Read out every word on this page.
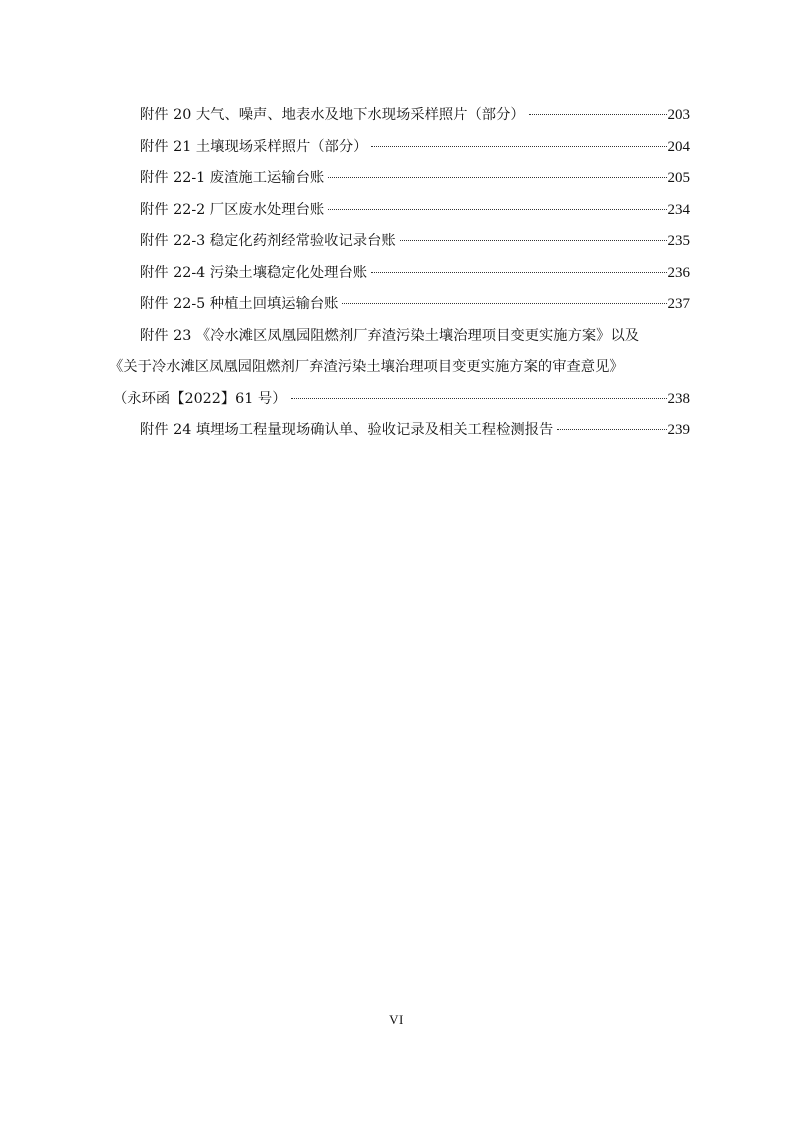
附件 20 大气、噪声、地表水及地下水现场采样照片（部分）	203
附件 21 土壤现场采样照片（部分）	204
附件 22-1 废渣施工运输台账	205
附件 22-2 厂区废水处理台账	234
附件 22-3 稳定化药剂经常验收记录台账	235
附件 22-4 污染土壤稳定化处理台账	236
附件 22-5 种植土回填运输台账	237
附件 23 《冷水滩区凤凰园阻燃剂厂弃渣污染土壤治理项目变更实施方案》以及
《关于冷水滩区凤凰园阻燃剂厂弃渣污染土壤治理项目变更实施方案的审查意见》
（永环函【2022】61 号）	238
附件 24 填埋场工程量现场确认单、验收记录及相关工程检测报告	239
VI
